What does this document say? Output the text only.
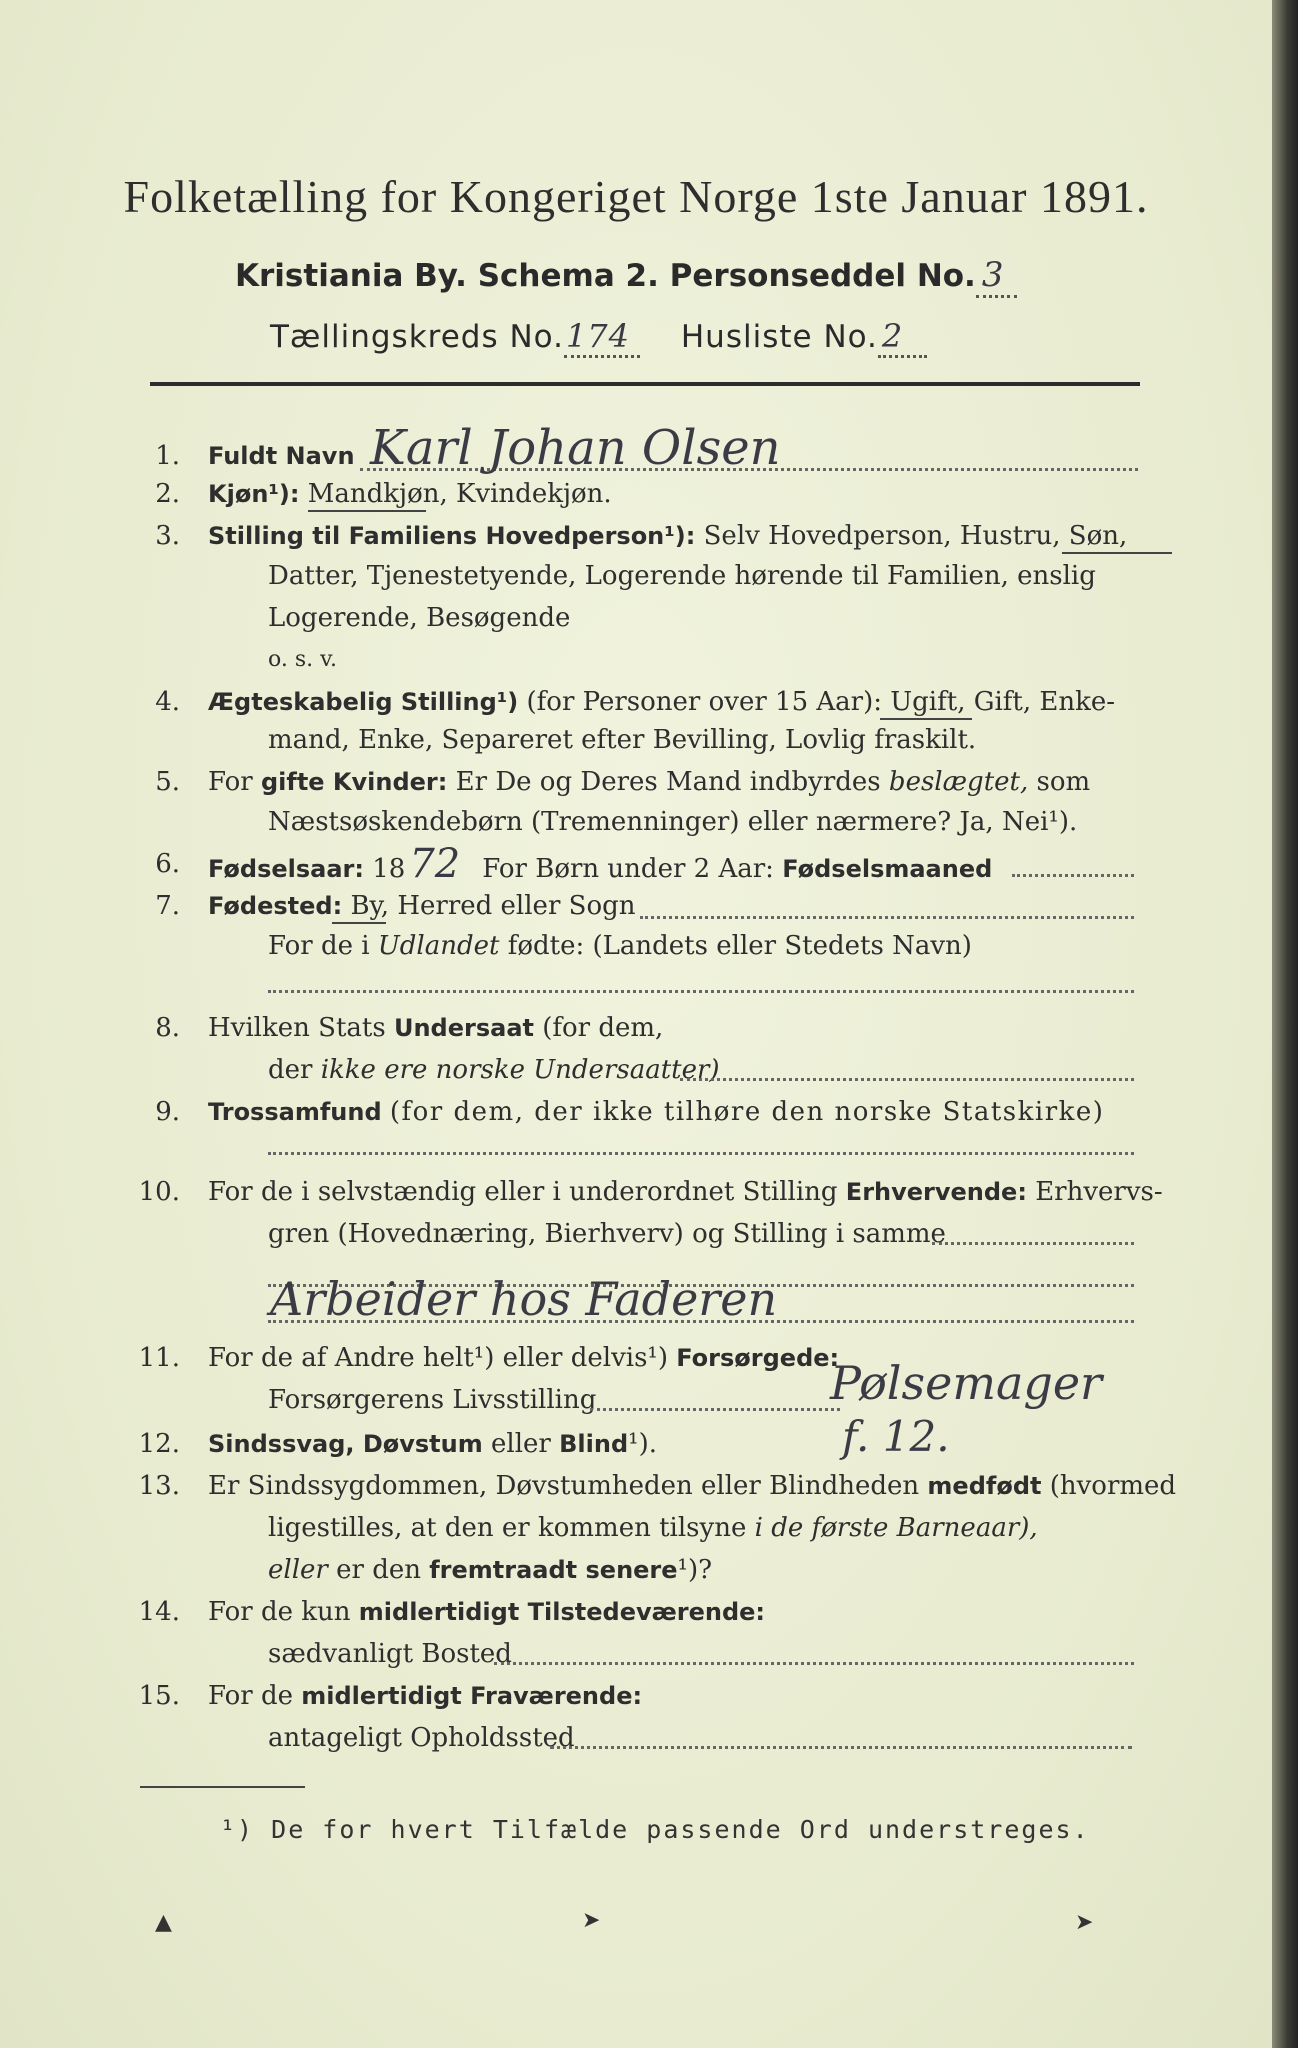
Folketælling for Kongeriget Norge 1ste Januar 1891.
Kristiania By. Schema 2. Personseddel No. 3
Tællingskreds No.174 Husliste No. 2
1. Fuldt Navn Karl Johan Olsen
2. Kjøn¹): Mandkjøn, Kvindekjøn.
3. Stilling til Familiens Hovedperson¹): Selv Hovedperson, Hustru, Søn,
Datter, Tjenestetyende, Logerende hørende til Familien, enslig
Logerende, Besøgende
o. s. v.
4. Ægteskabelig Stilling¹) (for Personer over 15 Aar): Ugift, Gift, Enke-
mand, Enke, Separeret efter Bevilling, Lovlig fraskilt.
5. For gifte Kvinder: Er De og Deres Mand indbyrdes beslægtet, som
Næstsøskendebørn (Tremenninger) eller nærmere? Ja, Nei¹).
6. Fødselsaar: 18 72 For Børn under 2 Aar: Fødselsmaaned
7. Fødested: By, Herred eller Sogn
For de i Udlandet fødte: (Landets eller Stedets Navn)
8. Hvilken Stats Undersaat (for dem,
der ikke ere norske Undersaatter)
9. Trossamfund (for dem, der ikke tilhøre den norske Statskirke)
10. For de i selvstændig eller i underordnet Stilling Erhvervende: Erhvervs-
gren (Hovednæring, Bierhverv) og Stilling i samme
Arbeider hos Faderen
11. For de af Andre helt¹) eller delvis¹) Forsørgede:
Forsørgerens Livsstilling	Pølsemager
12. Sindssvag, Døvstum eller Blind¹).	f. 12.
13. Er Sindssygdommen, Døvstumheden eller Blindheden medfødt (hvormed
ligestilles, at den er kommen tilsyne i de første Barneaar),
eller er den fremtraadt senere¹)?
14. For de kun midlertidigt Tilstedeværende:
sædvanligt Bosted
15. For de midlertidigt Fraværende:
antageligt Opholdssted
¹) De for hvert Tilfælde passende Ord understreges.
▲	➤	➤
